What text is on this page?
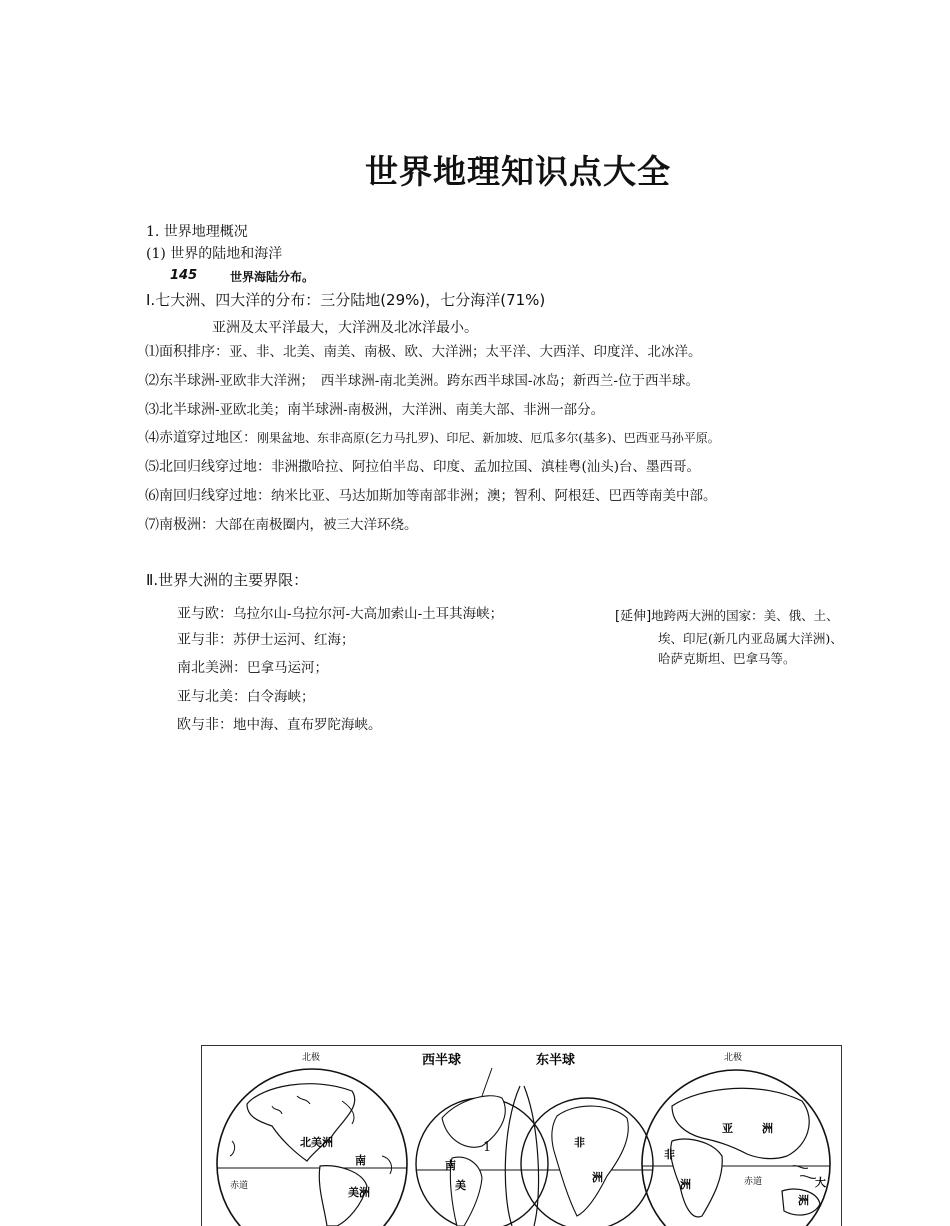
世界地理知识点大全
1. 世界地理概况
(1) 世界的陆地和海洋
145	世界海陆分布。
Ⅰ.七大洲、四大洋的分布：三分陆地(29%)，七分海洋(71%)
亚洲及太平洋最大，大洋洲及北冰洋最小。
⑴面积排序：亚、非、北美、南美、南极、欧、大洋洲；太平洋、大西洋、印度洋、北冰洋。
⑵东半球洲-亚欧非大洋洲；　西半球洲-南北美洲。跨东西半球国-冰岛；新西兰-位于西半球。
⑶北半球洲-亚欧北美；南半球洲-南极洲，大洋洲、南美大部、非洲一部分。
⑷赤道穿过地区：刚果盆地、东非高原(乞力马扎罗)、印尼、新加坡、厄瓜多尔(基多)、巴西亚马孙平原。
⑸北回归线穿过地：非洲撒哈拉、阿拉伯半岛、印度、孟加拉国、滇桂粤(汕头)台、墨西哥。
⑹南回归线穿过地：纳米比亚、马达加斯加等南部非洲；澳；智利、阿根廷、巴西等南美中部。
⑺南极洲：大部在南极圈内，被三大洋环绕。
Ⅱ.世界大洲的主要界限：
亚与欧：乌拉尔山-乌拉尔河-大高加索山-土耳其海峡；
亚与非：苏伊士运河、红海；
南北美洲：巴拿马运河；
亚与北美：白令海峡；
欧与非：地中海、直布罗陀海峡。
[延伸]地跨两大洲的国家：美、俄、土、
埃、印尼(新几内亚岛属大洋洲)、
哈萨克斯坦、巴拿马等。
北极
赤道
北美洲
南
美洲
西半球
南
美
东半球
非
洲
北极
赤道
亚	洲
非
洲	大
洲
1
